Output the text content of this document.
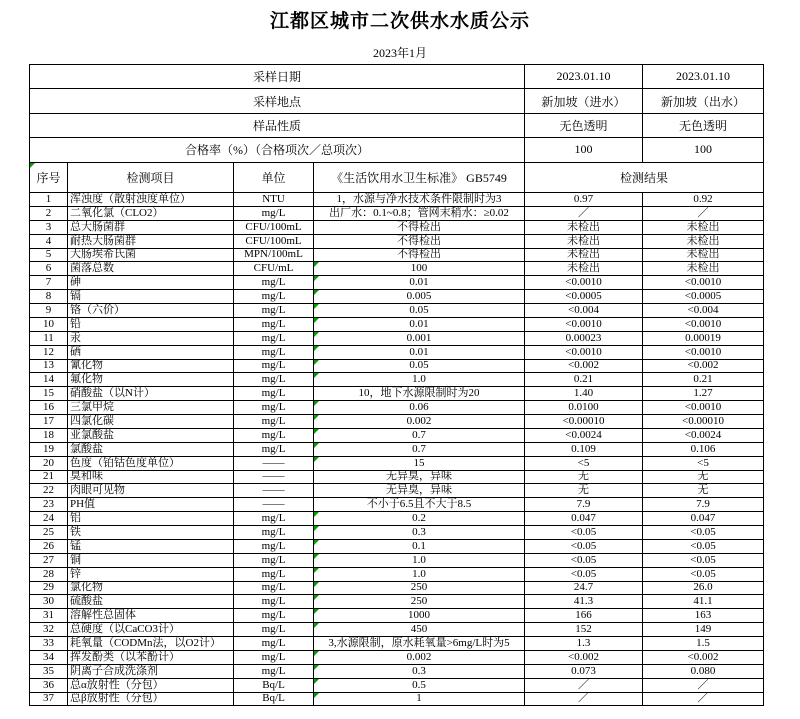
江都区城市二次供水水质公示
2023年1月
采样日期	2023.01.10	2023.01.10
采样地点	新加坡（进水）	新加坡（出水）
样品性质	无色透明	无色透明
合格率（%）（合格项次／总项次）	100	100
序号	检测项目	单位	《生活饮用水卫生标准》 GB5749	检测结果	
1	浑浊度（散射浊度单位）	NTU	1，水源与净水技术条件限制时为3	0.97	0.92
2	二氧化氯（CLO2）	mg/L	出厂水：0.1~0.8；管网末稍水：≥0.02	／	／
3	总大肠菌群	CFU/100mL	不得检出	未检出	未检出
4	耐热大肠菌群	CFU/100mL	不得检出	未检出	未检出
5	大肠埃希氏菌	MPN/100mL	不得检出	未检出	未检出
6	菌落总数	CFU/mL	100	未检出	未检出
7	砷	mg/L	0.01	<0.0010	<0.0010
8	镉	mg/L	0.005	<0.0005	<0.0005
9	铬（六价）	mg/L	0.05	<0.004	<0.004
10	铅	mg/L	0.01	<0.0010	<0.0010
11	汞	mg/L	0.001	0.00023	0.00019
12	硒	mg/L	0.01	<0.0010	<0.0010
13	氰化物	mg/L	0.05	<0.002	<0.002
14	氟化物	mg/L	1.0	0.21	0.21
15	硝酸盐（以N计）	mg/L	10，地下水源限制时为20	1.40	1.27
16	三氯甲烷	mg/L	0.06	0.0100	<0.0010
17	四氯化碳	mg/L	0.002	<0.00010	<0.00010
18	亚氯酸盐	mg/L	0.7	<0.0024	<0.0024
19	氯酸盐	mg/L	0.7	0.109	0.106
20	色度（铂钴色度单位）	——	15	<5	<5
21	臭和味	——	无异臭，异味	无	无
22	肉眼可见物	——	无异臭，异味	无	无
23	PH值	——	不小于6.5且不大于8.5	7.9	7.9
24	铝	mg/L	0.2	0.047	0.047
25	铁	mg/L	0.3	<0.05	<0.05
26	锰	mg/L	0.1	<0.05	<0.05
27	铜	mg/L	1.0	<0.05	<0.05
28	锌	mg/L	1.0	<0.05	<0.05
29	氯化物	mg/L	250	24.7	26.0
30	硫酸盐	mg/L	250	41.3	41.1
31	溶解性总固体	mg/L	1000	166	163
32	总硬度（以CaCO3计）	mg/L	450	152	149
33	耗氧量（CODMn法，以O2计）	mg/L	3,水源限制，原水耗氧量>6mg/L时为5	1.3	1.5
34	挥发酚类（以苯酚计）	mg/L	0.002	<0.002	<0.002
35	阴离子合成洗涤剂	mg/L	0.3	0.073	0.080
36	总α放射性（分包）	Bq/L	0.5	／	／
37	总β放射性（分包）	Bq/L	1	／	／
